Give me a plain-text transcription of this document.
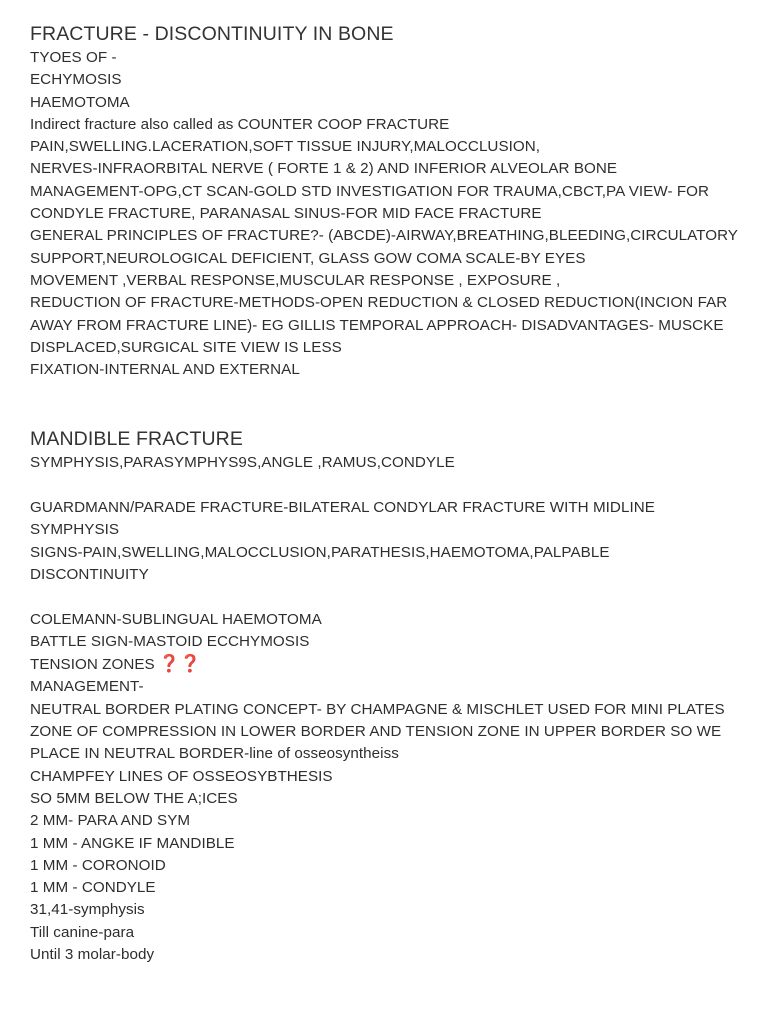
FRACTURE - DISCONTINUITY IN BONE
TYOES OF -
ECHYMOSIS
HAEMOTOMA
Indirect fracture also called as COUNTER COOP FRACTURE
PAIN,SWELLING.LACERATION,SOFT TISSUE INJURY,MALOCCLUSION,
NERVES-INFRAORBITAL NERVE ( FORTE 1 & 2) AND INFERIOR ALVEOLAR BONE
MANAGEMENT-OPG,CT SCAN-GOLD STD INVESTIGATION FOR TRAUMA,CBCT,PA VIEW- FOR
CONDYLE FRACTURE, PARANASAL SINUS-FOR MID FACE FRACTURE
GENERAL PRINCIPLES OF FRACTURE?- (ABCDE)-AIRWAY,BREATHING,BLEEDING,CIRCULATORY
SUPPORT,NEUROLOGICAL DEFICIENT, GLASS GOW COMA SCALE-BY EYES
MOVEMENT ,VERBAL RESPONSE,MUSCULAR RESPONSE , EXPOSURE ,
REDUCTION OF FRACTURE-METHODS-OPEN REDUCTION & CLOSED REDUCTION(INCION FAR
AWAY FROM FRACTURE LINE)- EG GILLIS TEMPORAL APPROACH- DISADVANTAGES- MUSCKE
DISPLACED,SURGICAL SITE VIEW IS LESS
FIXATION-INTERNAL AND EXTERNAL
MANDIBLE FRACTURE
SYMPHYSIS,PARASYMPHYS9S,ANGLE ,RAMUS,CONDYLE
GUARDMANN/PARADE FRACTURE-BILATERAL CONDYLAR FRACTURE WITH MIDLINE
SYMPHYSIS
SIGNS-PAIN,SWELLING,MALOCCLUSION,PARATHESIS,HAEMOTOMA,PALPABLE
DISCONTINUITY
COLEMANN-SUBLINGUAL HAEMOTOMA
BATTLE SIGN-MASTOID ECCHYMOSIS
TENSION ZONES ❓❓
MANAGEMENT-
NEUTRAL BORDER PLATING CONCEPT- BY CHAMPAGNE & MISCHLET USED FOR MINI PLATES
ZONE OF COMPRESSION IN LOWER BORDER AND TENSION ZONE IN UPPER BORDER SO WE
PLACE IN NEUTRAL BORDER-line of osseosyntheiss
CHAMPFEY LINES OF OSSEOSYBTHESIS
SO 5MM BELOW THE A;ICES
2 MM- PARA AND SYM
1 MM - ANGKE IF MANDIBLE
1 MM - CORONOID
1 MM - CONDYLE
31,41-symphysis
Till canine-para
Until 3 molar-body
